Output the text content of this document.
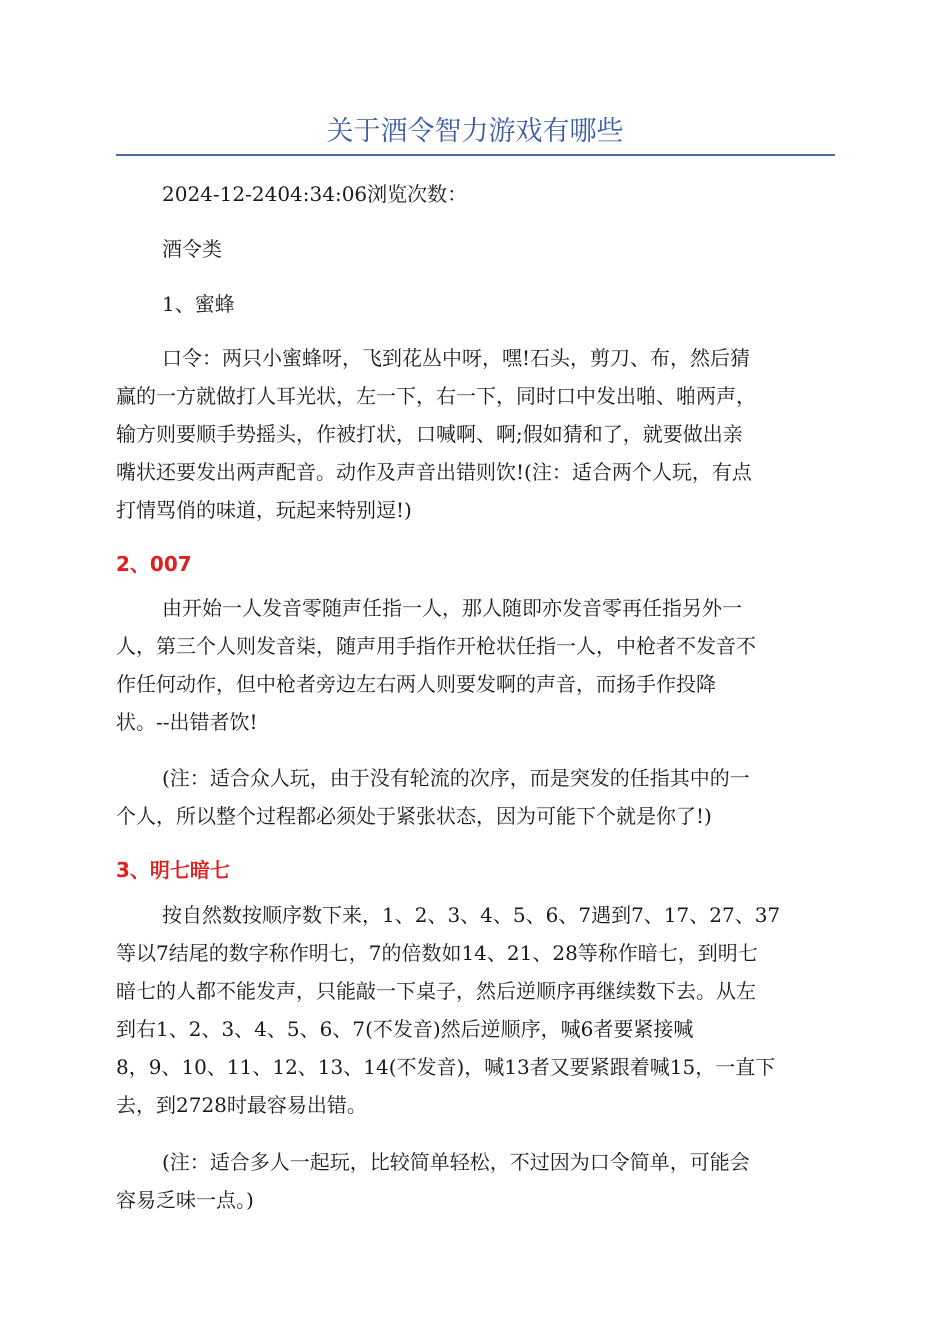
关于酒令智力游戏有哪些
2024-12-2404:34:06浏览次数：
酒令类
1、蜜蜂
口令：两只小蜜蜂呀，飞到花丛中呀，嘿!石头，剪刀、布，然后猜
赢的一方就做打人耳光状，左一下，右一下，同时口中发出啪、啪两声，
输方则要顺手势摇头，作被打状，口喊啊、啊;假如猜和了，就要做出亲
嘴状还要发出两声配音。动作及声音出错则饮!(注：适合两个人玩，有点
打情骂俏的味道，玩起来特别逗!)
2、007
由开始一人发音零随声任指一人，那人随即亦发音零再任指另外一
人，第三个人则发音柒，随声用手指作开枪状任指一人，中枪者不发音不
作任何动作，但中枪者旁边左右两人则要发啊的声音，而扬手作投降
状。--出错者饮!
(注：适合众人玩，由于没有轮流的次序，而是突发的任指其中的一
个人，所以整个过程都必须处于紧张状态，因为可能下个就是你了!)
3、明七暗七
按自然数按顺序数下来，1、2、3、4、5、6、7遇到7、17、27、37
等以7结尾的数字称作明七，7的倍数如14、21、28等称作暗七，到明七
暗七的人都不能发声，只能敲一下桌子，然后逆顺序再继续数下去。从左
到右1、2、3、4、5、6、7(不发音)然后逆顺序，喊6者要紧接喊
8，9、10、11、12、13、14(不发音)，喊13者又要紧跟着喊15，一直下
去，到2728时最容易出错。
(注：适合多人一起玩，比较简单轻松，不过因为口令简单，可能会
容易乏味一点。)
